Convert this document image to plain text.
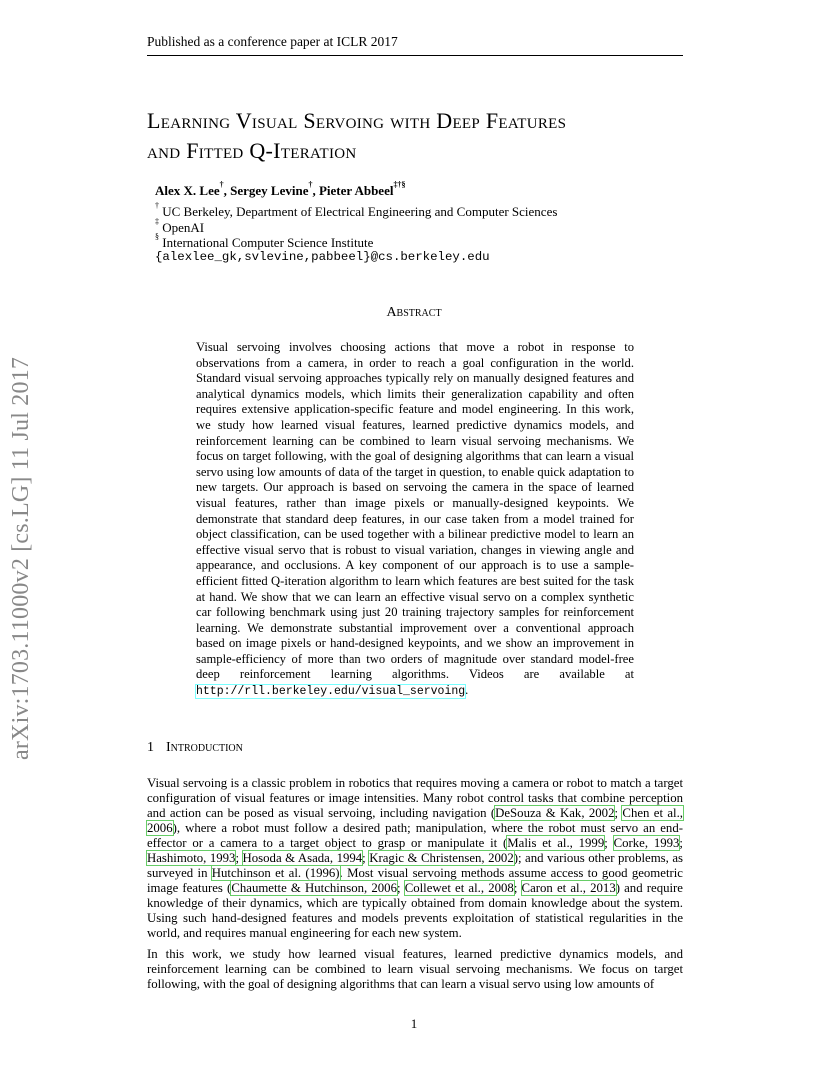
Published as a conference paper at ICLR 2017
Learning Visual Servoing with Deep Features
and Fitted Q-Iteration
Alex X. Lee†, Sergey Levine†, Pieter Abbeel‡†§
† UC Berkeley, Department of Electrical Engineering and Computer Sciences
‡ OpenAI
§ International Computer Science Institute
{alexlee_gk,svlevine,pabbeel}@cs.berkeley.edu
Abstract
Visual servoing involves choosing actions that move a robot in response to observations from a camera, in order to reach a goal configuration in the world. Standard visual servoing approaches typically rely on manually designed features and analytical dynamics models, which limits their generalization capability and often requires extensive application-specific feature and model engineering. In this work, we study how learned visual features, learned predictive dynamics models, and reinforcement learning can be combined to learn visual servoing mechanisms. We focus on target following, with the goal of designing algorithms that can learn a visual servo using low amounts of data of the target in question, to enable quick adaptation to new targets. Our approach is based on servoing the camera in the space of learned visual features, rather than image pixels or manually-designed keypoints. We demonstrate that standard deep features, in our case taken from a model trained for object classification, can be used together with a bilinear predictive model to learn an effective visual servo that is robust to visual variation, changes in viewing angle and appearance, and occlusions. A key component of our approach is to use a sample-efficient fitted Q-iteration algorithm to learn which features are best suited for the task at hand. We show that we can learn an effective visual servo on a complex synthetic car following benchmark using just 20 training trajectory samples for reinforcement learning. We demonstrate substantial improvement over a conventional approach based on image pixels or hand-designed keypoints, and we show an improvement in sample-efficiency of more than two orders of magnitude over standard model-free deep reinforcement learning algorithms. Videos are available at http://rll.berkeley.edu/visual_servoing.
1 Introduction
Visual servoing is a classic problem in robotics that requires moving a camera or robot to match a target configuration of visual features or image intensities. Many robot control tasks that combine perception and action can be posed as visual servoing, including navigation (DeSouza & Kak, 2002; Chen et al., 2006), where a robot must follow a desired path; manipulation, where the robot must servo an end-effector or a camera to a target object to grasp or manipulate it (Malis et al., 1999; Corke, 1993; Hashimoto, 1993; Hosoda & Asada, 1994; Kragic & Christensen, 2002); and various other problems, as surveyed in Hutchinson et al. (1996). Most visual servoing methods assume access to good geometric image features (Chaumette & Hutchinson, 2006; Collewet et al., 2008; Caron et al., 2013) and require knowledge of their dynamics, which are typically obtained from domain knowledge about the system. Using such hand-designed features and models prevents exploitation of statistical regularities in the world, and requires manual engineering for each new system.
In this work, we study how learned visual features, learned predictive dynamics models, and reinforcement learning can be combined to learn visual servoing mechanisms. We focus on target following, with the goal of designing algorithms that can learn a visual servo using low amounts of
1
arXiv:1703.11000v2 [cs.LG] 11 Jul 2017
